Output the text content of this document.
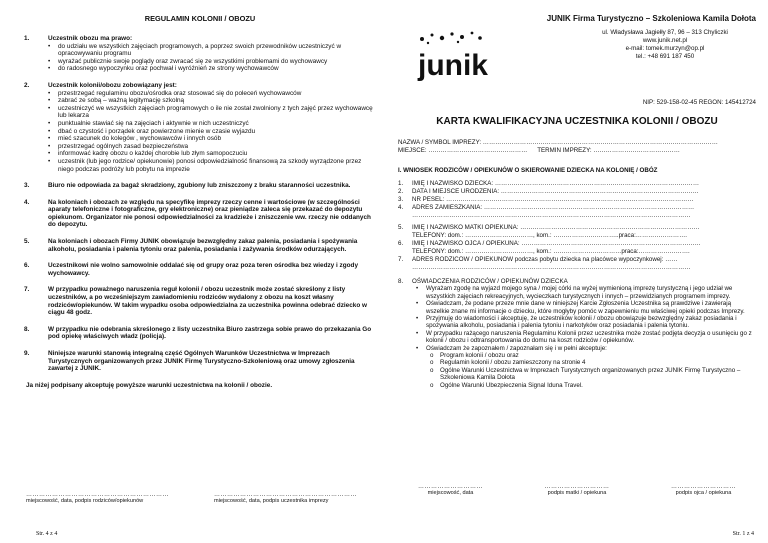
REGULAMIN KOLONII / OBOZU
1.	Uczestnik obozu ma prawo:
• do udziału we wszystkich zajęciach programowych, a poprzez swoich przewodników uczestniczyć w opracowywaniu programu
• wyrażać publicznie swoje poglądy oraz zwracać się ze wszystkimi problemami do wychowawcy
• do radosnego wypoczynku oraz pochwał i wyróżnień ze strony wychowawców
2.	Uczestnik kolonii/obozu zobowiązany jest:
• przestrzegać regulaminu obozu/ośrodka oraz stosować się do poleceń wychowawców
• zabrać ze sobą – ważną legitymację szkolną
• uczestniczyć we wszystkich zajęciach programowych o ile nie został zwolniony z tych zajęć przez wychowawcę lub lekarza
• punktualnie stawiać się na zajęciach i aktywnie w nich uczestniczyć
• dbać o czystość i porządek oraz powierzone mienie w czasie wyjazdu
• mieć szacunek do kolegów , wychowawców i innych osób
• przestrzegać ogólnych zasad bezpieczeństwa
• informować kadrę obozu o każdej chorobie lub złym samopoczuciu
• uczestnik (lub jego rodzice/ opiekunowie) ponosi odpowiedzialność finansową za szkody wyrządzone przez niego podczas podróży lub pobytu na imprezie
3.	Biuro nie odpowiada za bagaż skradziony, zgubiony lub zniszczony z braku staranności uczestnika.
4.	Na koloniach i obozach ze względu na specyfikę imprezy rzeczy cenne i wartościowe (w szczególności aparaty telefoniczne i fotograficzne, gry elektroniczne) oraz pieniądze zaleca się przekazać do depozytu opiekunom. Organizator nie ponosi odpowiedzialności za kradzieże i zniszczenie ww. rzeczy nie oddanych do depozytu.
5.	Na koloniach i obozach Firmy JUNIK obowiązuje bezwzględny zakaz palenia, posiadania i spożywania alkoholu, posiadania i palenia tytoniu oraz palenia, posiadania i zażywania środków odurzających.
6.	Uczestnikowi nie wolno samowolnie oddalać się od grupy oraz poza teren ośrodka bez wiedzy i zgody wychowawcy.
7.	W przypadku poważnego naruszenia reguł kolonii / obozu uczestnik może zostać skreślony z listy uczestników, a po wcześniejszym zawiadomieniu rodziców wydalony z obozu na koszt własny rodziców/opiekunów. W takim wypadku osoba odpowiedzialna za uczestnika powinna odebrać dziecko w ciągu 48 godz.
8.	W przypadku nie odebrania skreślonego z listy uczestnika Biuro zastrzega sobie prawo do przekazania Go pod opiekę właściwych władz (policja).
9.	Niniejsze warunki stanowią integralną część Ogólnych Warunków Uczestnictwa w Imprezach Turystycznych organizowanych przez JUNIK Firmę Turystyczno-Szkoleniową oraz umowy zgłoszenia zawartej z JUNIK.
Ja niżej podpisany akceptuję powyższe warunki uczestnictwa na kolonii / obozie.
…………………………………………………………
miejscowość, data, podpis rodziców/opiekunów
…………………………………………………………
miejscowość, data, podpis uczestnika imprezy
Str. 4 z 4
JUNIK Firma Turystyczno – Szkoleniowa Kamila Dołota
junik
ul. Władysława Jagiełły 87, 96 – 313 Chyliczki
www.junik.net.pl
e-mail: tomek.murzyn@op.pl
tel.: +48 691 187 450
NIP: 529-158-02-45 REGON: 145412724
KARTA KWALIFIKACYJNA UCZESTNIKA KOLONII / OBOZU
NAZWA / SYMBOL IMPREZY: ……………………………………………………………………………………………………
MIEJSCE: ………………………………………… TERMIN IMPREZY: ……………………………………
I. WNIOSEK RODZICÓW / OPIEKUNÓW O SKIEROWANIE DZIECKA NA KOLONIĘ / OBÓZ
1. IMIĘ I NAZWISKO DZIECKA: ………………………………………………………………………………………
2. DATA I MIEJSCE URODZENIA: ……………………………………………………………………………………
3. NR PESEL: …………………………………………………………………………………………………………
4. ADRES ZAMIESZKANIA: …………………………………………………………………………………………
………………………………………………………………………………………………………………………
5. IMIĘ I NAZWISKO MATKI OPIEKUNA: ……………………………………………………………………………
TELEFONY: dom.: ……………………………, kom.: …………………………..praca:…………………….
6. IMIĘ I NAZWISKO OJCA / OPIEKUNA: ……………………………………………………………………………
TELEFONY: dom.: ……………………………, kom.: ……………………………praca:…………………….
7. ADRES RODZICÓW / OPIEKUNÓW podczas pobytu dziecka na placówce wypoczynkowej: ……
………………………………………………………………………………………………………………………
8. OŚWIADCZENIA RODZICÓW / OPIEKUNÓW DZIECKA
• Wyrażam zgodę na wyjazd mojego syna / mojej córki na wyżej wymienioną imprezę turystyczną i jego udział we wszystkich zajęciach rekreacyjnych, wycieczkach turystycznych i innych – przewidzianych programem imprezy.
• Oświadczam, że podane przeze mnie dane w niniejszej Karcie Zgłoszenia Uczestnika są prawdziwe i zawierają wszelkie znane mi informacje o dziecku, które mogłyby pomóc w zapewnieniu mu właściwej opieki podczas Imprezy.
• Przyjmuję do wiadomości i akceptuję, że uczestników kolonii / obozu obowiązuje bezwzględny zakaz posiadania i spożywania alkoholu, posiadania i palenia tytoniu i narkotyków oraz posiadania i palenia tytoniu.
• W przypadku rażącego naruszenia Regulaminu Kolonii przez uczestnika może zostać podjęta decyzja o usunięciu go z kolonii / obozu i odtransportowania do domu na koszt rodziców / opiekunów.
• Oświadczam że zapoznałem / zapoznałam się i w pełni akceptuje:
o Program kolonii / obozu oraz
o Regulamin kolonii / obozu zamieszczony na stronie 4
o Ogólne Warunki Uczestnictwa w Imprezach Turystycznych organizowanych przez JUNIK Firmę Turystyczno – Szkoleniowa Kamila Dołota
o Ogólne Warunki Ubezpieczenia Signal Iduna Travel.
…………………………
miejscowość, data
…………………………
podpis matki / opiekuna
…………………………
podpis ojca / opiekuna
Str. 1 z 4
